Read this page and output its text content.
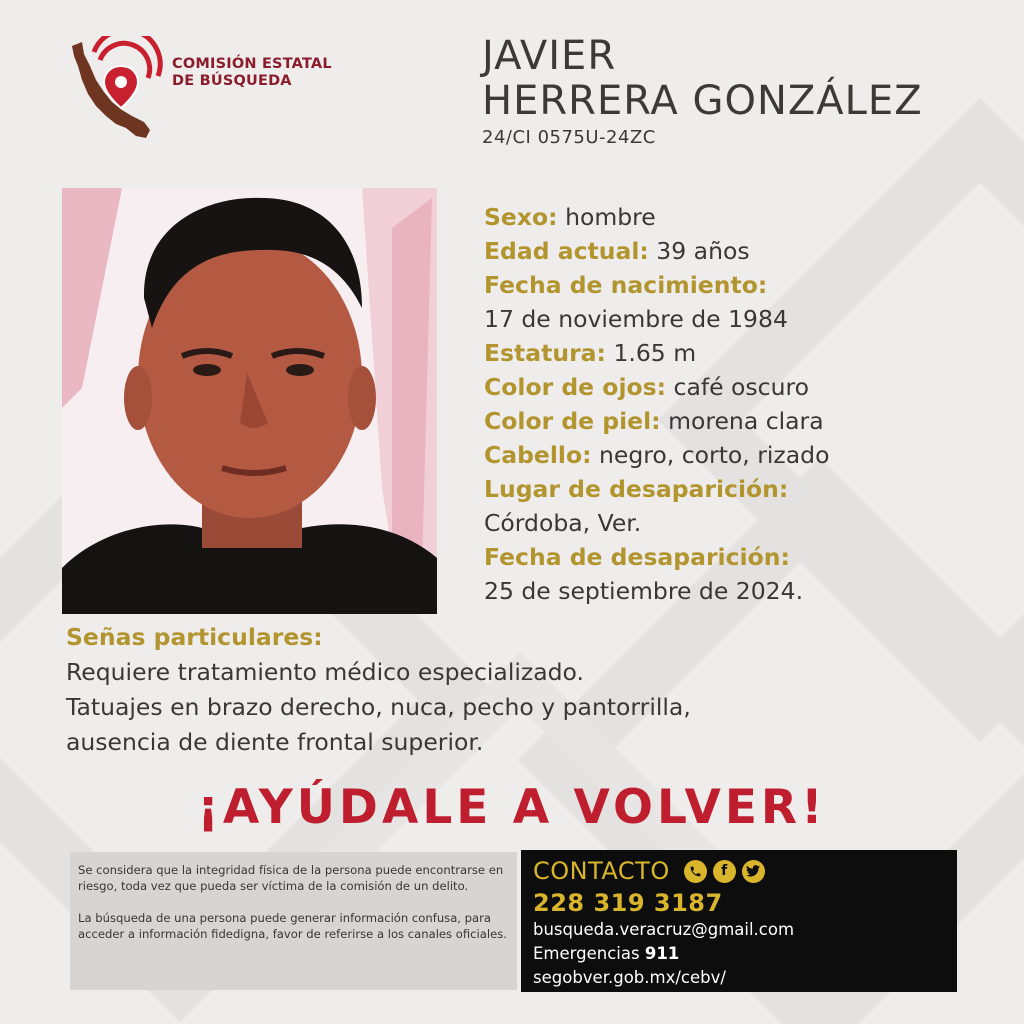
COMISIÓN ESTATAL
DE BÚSQUEDA
JAVIER
HERRERA GONZÁLEZ
24/CI 0575U-24ZC
Sexo: hombre
Edad actual: 39 años
Fecha de nacimiento:
17 de noviembre de 1984
Estatura: 1.65 m
Color de ojos: café oscuro
Color de piel: morena clara
Cabello: negro, corto, rizado
Lugar de desaparición:
Córdoba, Ver.
Fecha de desaparición:
25 de septiembre de 2024.
Señas particulares:
Requiere tratamiento médico especializado.
Tatuajes en brazo derecho, nuca, pecho y pantorrilla,
ausencia de diente frontal superior.
¡AYÚDALE A VOLVER!

Se considera que la integridad física de la persona puede encontrarse en riesgo, toda vez que pueda ser víctima de la comisión de un delito.

La búsqueda de una persona puede generar información confusa, para acceder a información fidedigna, favor de referirse a los canales oficiales.

CONTACTO	f
228 319 3187
busqueda.veracruz@gmail.com
Emergencias 911
segobver.gob.mx/cebv/
